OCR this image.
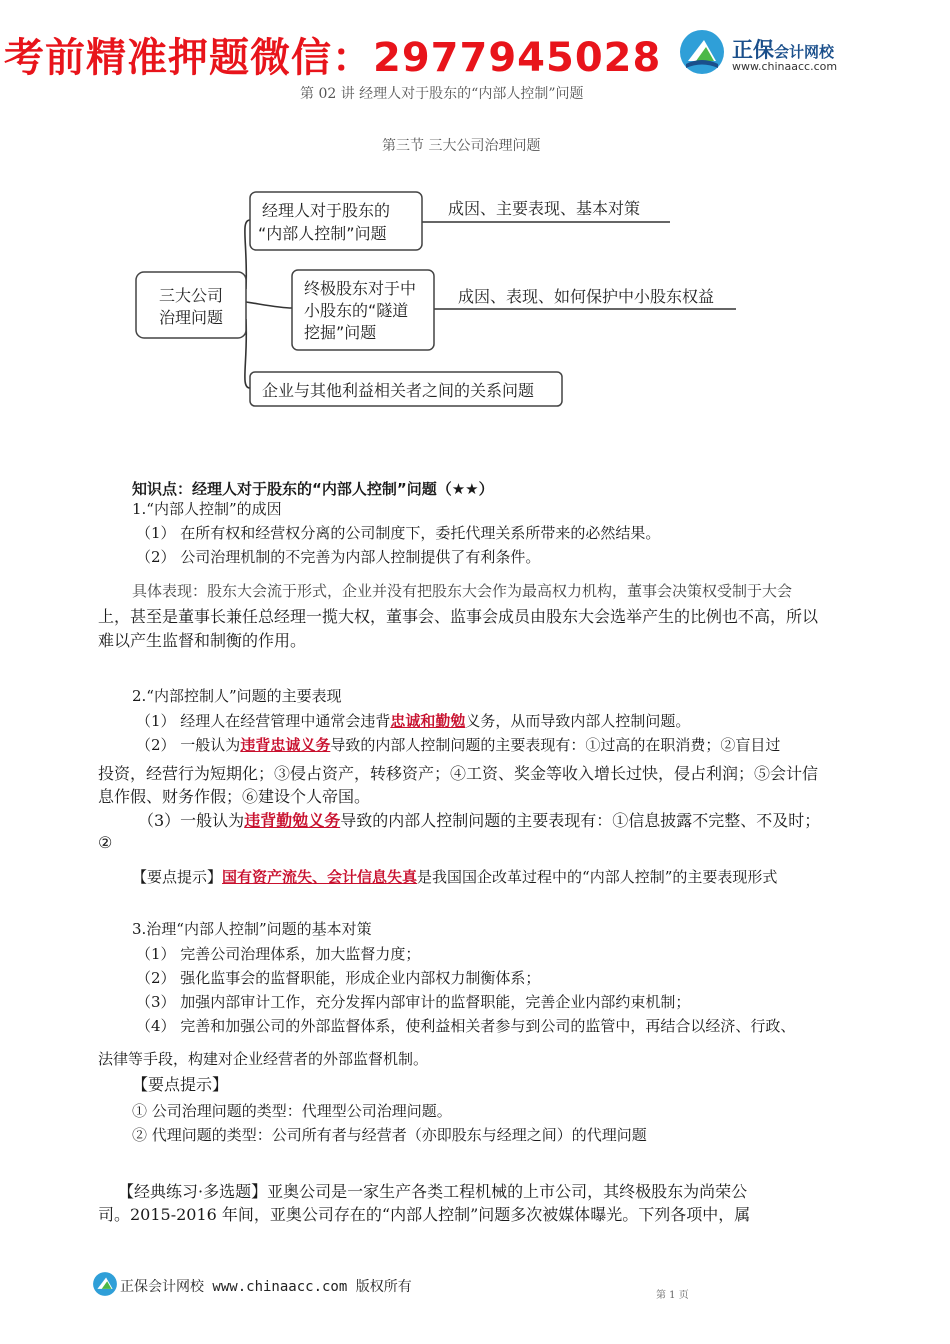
考前精准押题微信：2977945028	正保会计网校
www.chinaacc.com
第 02 讲 经理人对于股东的“内部人控制”问题
第三节 三大公司治理问题
三大公司
治理问题
经理人对于股东的
“内部人控制”问题
终极股东对于中
小股东的“隧道
挖掘”问题
企业与其他利益相关者之间的关系问题
成因、主要表现、基本对策
成因、表现、如何保护中小股东权益
知识点：经理人对于股东的“内部人控制”问题（★★）
1.“内部人控制”的成因
（1） 在所有权和经营权分离的公司制度下，委托代理关系所带来的必然结果。
（2） 公司治理机制的不完善为内部人控制提供了有利条件。
具体表现：股东大会流于形式，企业并没有把股东大会作为最高权力机构，董事会决策权受制于大会
上，甚至是董事长兼任总经理一揽大权，董事会、监事会成员由股东大会选举产生的比例也不高，所以
难以产生监督和制衡的作用。
2.“内部控制人”问题的主要表现
（1） 经理人在经营管理中通常会违背忠诚和勤勉义务，从而导致内部人控制问题。
（2） 一般认为违背忠诚义务导致的内部人控制问题的主要表现有：①过高的在职消费；②盲目过
投资，经营行为短期化；③侵占资产，转移资产；④工资、奖金等收入增长过快，侵占利润；⑤会计信
息作假、财务作假；⑥建设个人帝国。
（3）一般认为违背勤勉义务导致的内部人控制问题的主要表现有：①信息披露不完整、不及时；
②
【要点提示】国有资产流失、会计信息失真是我国国企改革过程中的“内部人控制”的主要表现形式
3.治理“内部人控制”问题的基本对策
（1） 完善公司治理体系，加大监督力度；
（2） 强化监事会的监督职能，形成企业内部权力制衡体系；
（3） 加强内部审计工作，充分发挥内部审计的监督职能，完善企业内部约束机制；
（4） 完善和加强公司的外部监督体系，使利益相关者参与到公司的监管中，再结合以经济、行政、
法律等手段，构建对企业经营者的外部监督机制。
【要点提示】
① 公司治理问题的类型：代理型公司治理问题。
② 代理问题的类型：公司所有者与经营者（亦即股东与经理之间）的代理问题
【经典练习·多选题】亚奥公司是一家生产各类工程机械的上市公司，其终极股东为尚荣公
司。2015-2016 年间，亚奥公司存在的“内部人控制”问题多次被媒体曝光。下列各项中，属
正保会计网校 www.chinaacc.com 版权所有
第 1 页
